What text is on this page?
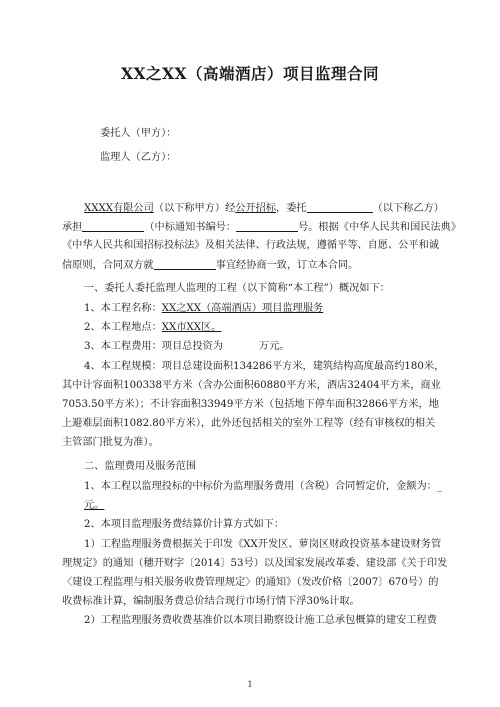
XX之XX（高端酒店）项目监理合同
委托人（甲方）：
监理人（乙方）：
XXXX有限公司（以下称甲方）经公开招标，委托	（以下称乙方）
承担	（中标通知书编号：	号。根据《中华人民共和国民法典》
《中华人民共和国招标投标法》及相关法律、行政法规，遵循平等、自愿、公平和诚
信原则，合同双方就	事宜经协商一致，订立本合同。
一、委托人委托监理人监理的工程（以下简称“本工程”）概况如下：
1、本工程名称：XX之XX（高端酒店）项目监理服务
2、本工程地点：XX市XX区。
3、本工程费用：项目总投资为	万元。
4、本工程规模：项目总建设面积134286平方米，建筑结构高度最高约180米，
其中计容面积100338平方米（含办公面积60880平方米，酒店32404平方米，商业
7053.50平方米）；不计容面积33949平方米（包括地下停车面积32866平方米，地
上避难层面积1082.80平方米），此外还包括相关的室外工程等（经有审核权的相关
主管部门批复为准）。
二、监理费用及服务范围
1、本工程以监理投标的中标价为监理服务费用（含税）合同暂定价，金额为：_
元。
2、本项目监理服务费结算价计算方式如下：
1）工程监理服务费根据关于印发《XX开发区、萝岗区财政投资基本建设财务管
理规定》的通知（穗开财字〔2014〕53号）以及国家发展改革委、建设部《关于印发
〈建设工程监理与相关服务收费管理规定〉的通知》（发改价格〔2007〕670号）的
收费标准计算，编制服务费总价结合现行市场行情下浮30%计取。
2）工程监理服务费收费基准价以本项目勘察设计施工总承包概算的建安工程费
1
